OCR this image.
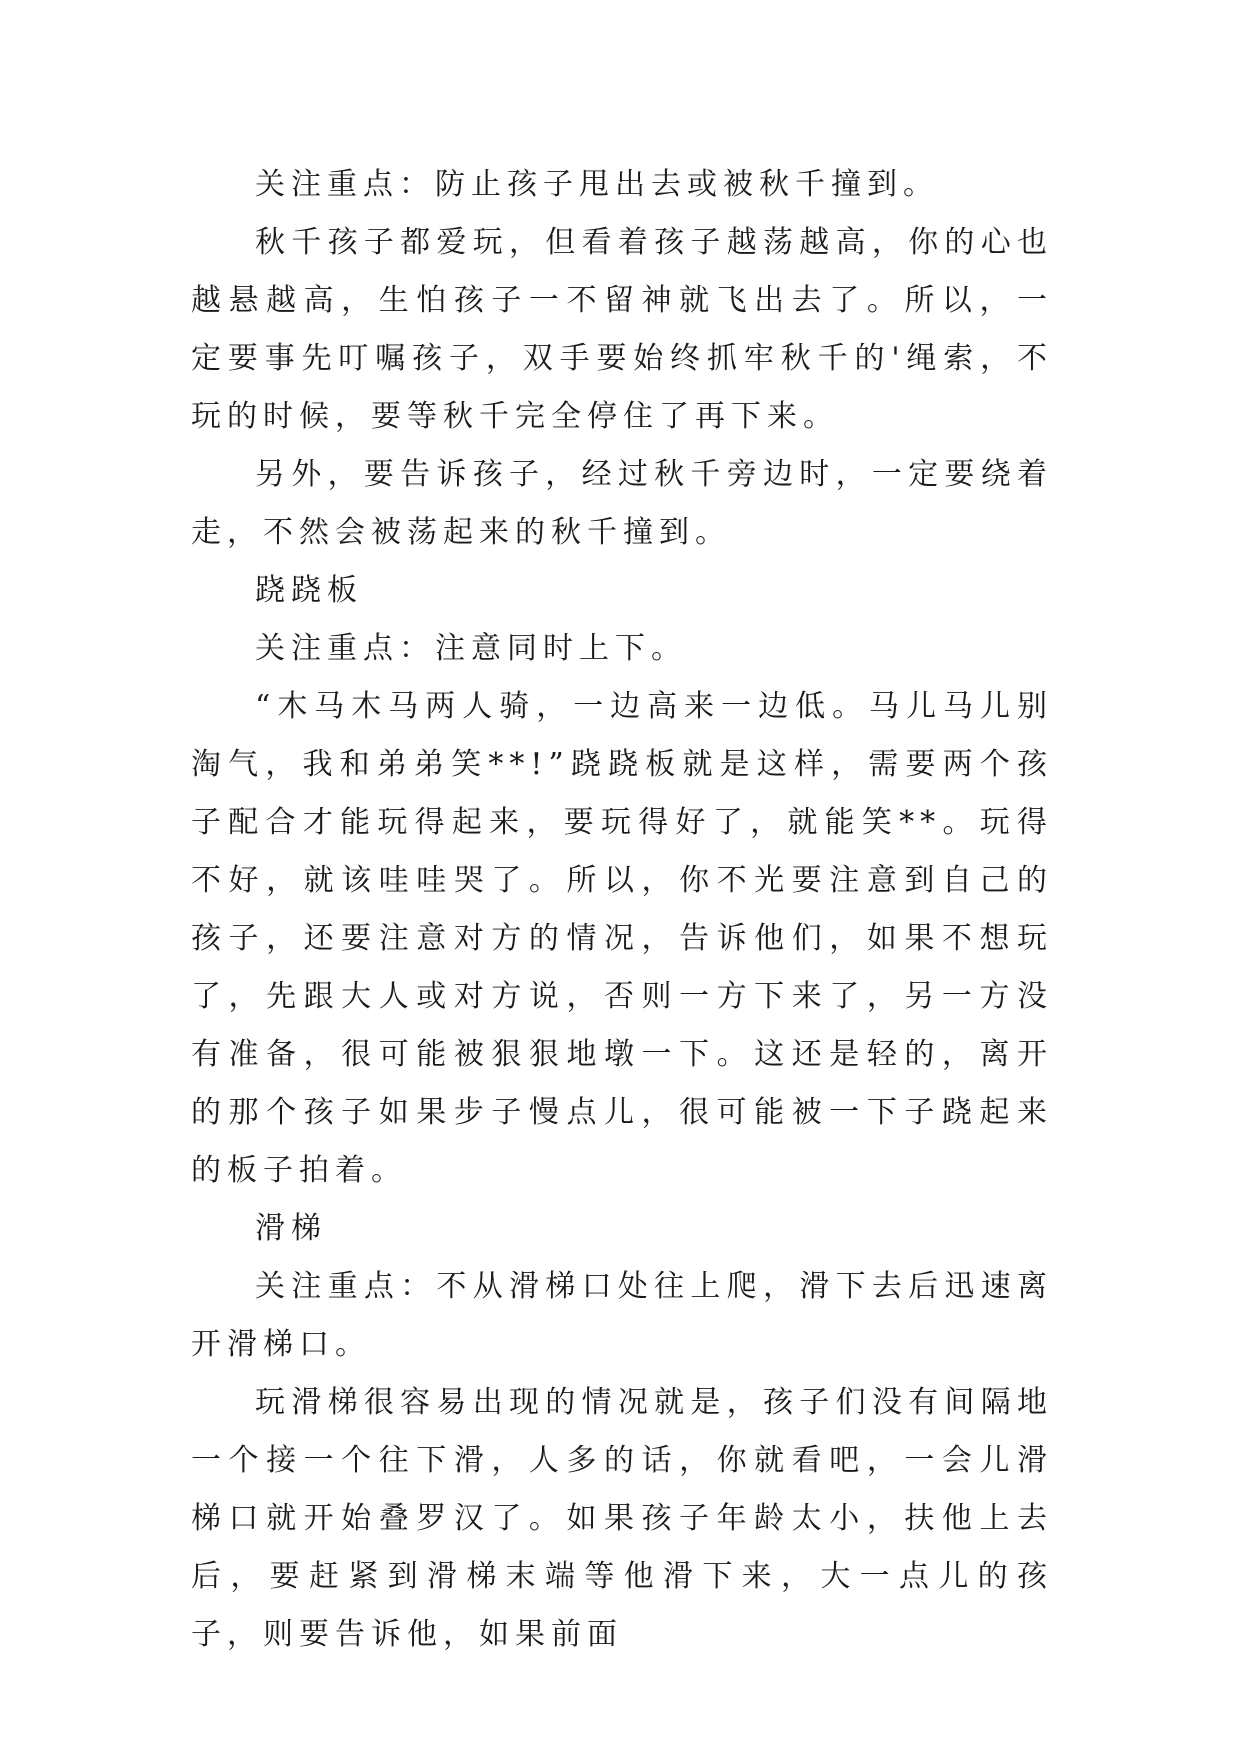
关注重点：防止孩子甩出去或被秋千撞到。

秋千孩子都爱玩，但看着孩子越荡越高，你的心也越悬越高，生怕孩子一不留神就飞出去了。所以，一定要事先叮嘱孩子，双手要始终抓牢秋千的'绳索，不玩的时候，要等秋千完全停住了再下来。

另外，要告诉孩子，经过秋千旁边时，一定要绕着走，不然会被荡起来的秋千撞到。

跷跷板

关注重点：注意同时上下。

“木马木马两人骑，一边高来一边低。马儿马儿别淘气，我和弟弟笑**!”跷跷板就是这样，需要两个孩子配合才能玩得起来，要玩得好了，就能笑**。玩得不好，就该哇哇哭了。所以，你不光要注意到自己的孩子，还要注意对方的情况，告诉他们，如果不想玩了，先跟大人或对方说，否则一方下来了，另一方没有准备，很可能被狠狠地墩一下。这还是轻的，离开的那个孩子如果步子慢点儿，很可能被一下子跷起来的板子拍着。

滑梯

关注重点：不从滑梯口处往上爬，滑下去后迅速离开滑梯口。

玩滑梯很容易出现的情况就是，孩子们没有间隔地一个接一个往下滑，人多的话，你就看吧，一会儿滑梯口就开始叠罗汉了。如果孩子年龄太小，扶他上去后，要赶紧到滑梯末端等他滑下来，大一点儿的孩子，则要告诉他，如果前面
